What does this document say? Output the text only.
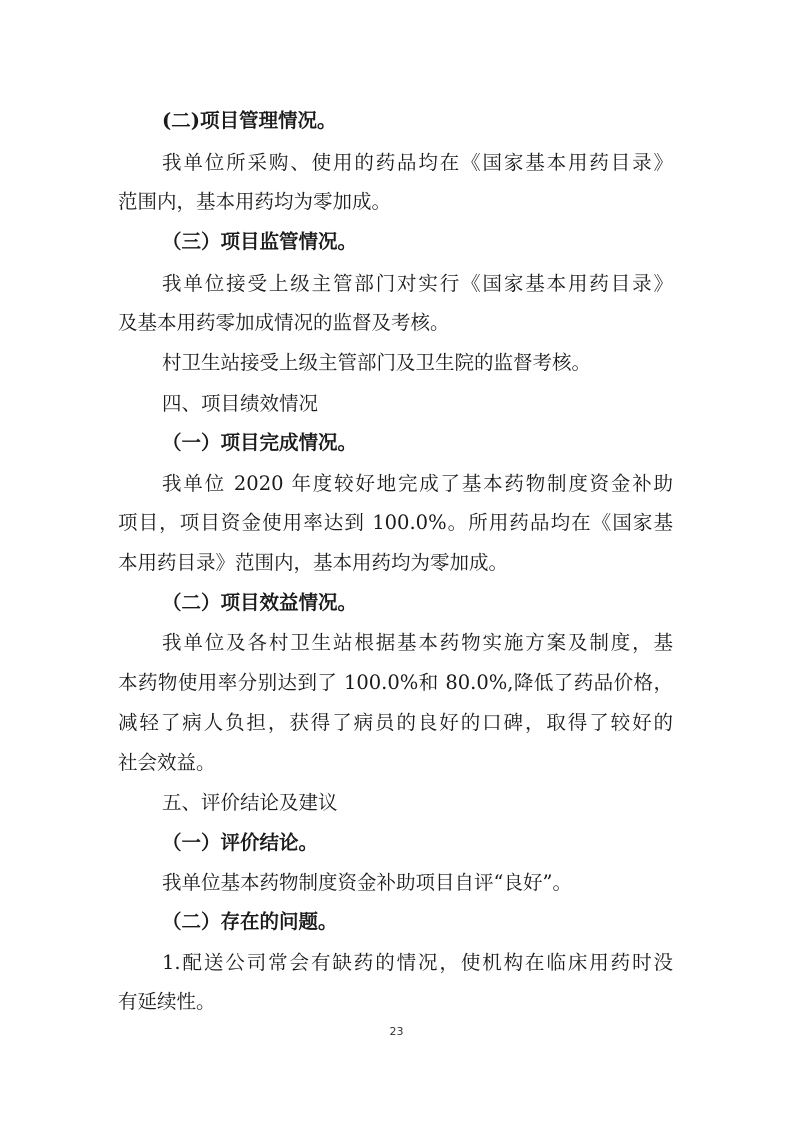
(二)项目管理情况。
我单位所采购、使用的药品均在《国家基本用药目录》
范围内，基本用药均为零加成。
（三）项目监管情况。
我单位接受上级主管部门对实行《国家基本用药目录》
及基本用药零加成情况的监督及考核。
村卫生站接受上级主管部门及卫生院的监督考核。
四、项目绩效情况
（一）项目完成情况。
我单位 2020 年度较好地完成了基本药物制度资金补助
项目，项目资金使用率达到 100.0%。所用药品均在《国家基
本用药目录》范围内，基本用药均为零加成。
（二）项目效益情况。
我单位及各村卫生站根据基本药物实施方案及制度，基
本药物使用率分别达到了 100.0%和 80.0%,降低了药品价格，
减轻了病人负担，获得了病员的良好的口碑，取得了较好的
社会效益。
五、评价结论及建议
（一）评价结论。
我单位基本药物制度资金补助项目自评“良好”。
（二）存在的问题。
1.配送公司常会有缺药的情况，使机构在临床用药时没
有延续性。
23
